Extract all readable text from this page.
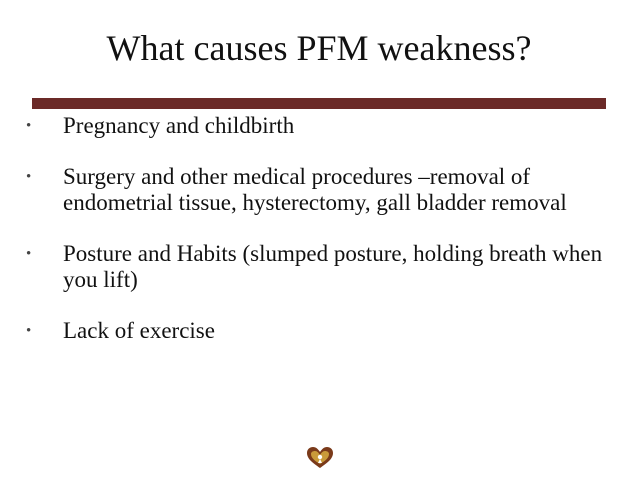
What causes PFM weakness?
•	Pregnancy and childbirth
•	Surgery and other medical procedures –removal of endometrial tissue, hysterectomy, gall bladder removal
•	Posture and Habits (slumped posture, holding breath when you lift)
•	Lack of exercise
